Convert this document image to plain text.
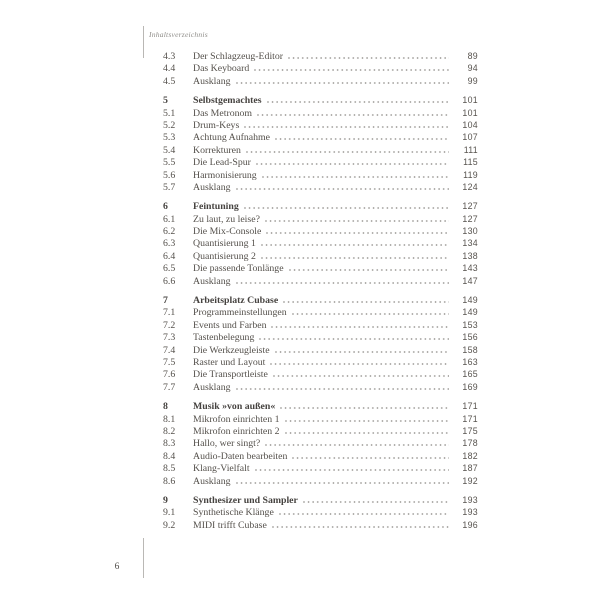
Inhaltsverzeichnis
4.3	Der Schlagzeug-Editor	89
4.4	Das Keyboard	94
4.5	Ausklang	99
5	Selbstgemachtes	101
5.1	Das Metronom	101
5.2	Drum-Keys	104
5.3	Achtung Aufnahme	107
5.4	Korrekturen	111
5.5	Die Lead-Spur	115
5.6	Harmonisierung	119
5.7	Ausklang	124
6	Feintuning	127
6.1	Zu laut, zu leise?	127
6.2	Die Mix-Console	130
6.3	Quantisierung 1	134
6.4	Quantisierung 2	138
6.5	Die passende Tonlänge	143
6.6	Ausklang	147
7	Arbeitsplatz Cubase	149
7.1	Programmeinstellungen	149
7.2	Events und Farben	153
7.3	Tastenbelegung	156
7.4	Die Werkzeugleiste	158
7.5	Raster und Layout	163
7.6	Die Transportleiste	165
7.7	Ausklang	169
8	Musik »von außen«	171
8.1	Mikrofon einrichten 1	171
8.2	Mikrofon einrichten 2	175
8.3	Hallo, wer singt?	178
8.4	Audio-Daten bearbeiten	182
8.5	Klang-Vielfalt	187
8.6	Ausklang	192
9	Synthesizer und Sampler	193
9.1	Synthetische Klänge	193
9.2	MIDI trifft Cubase	196
6
